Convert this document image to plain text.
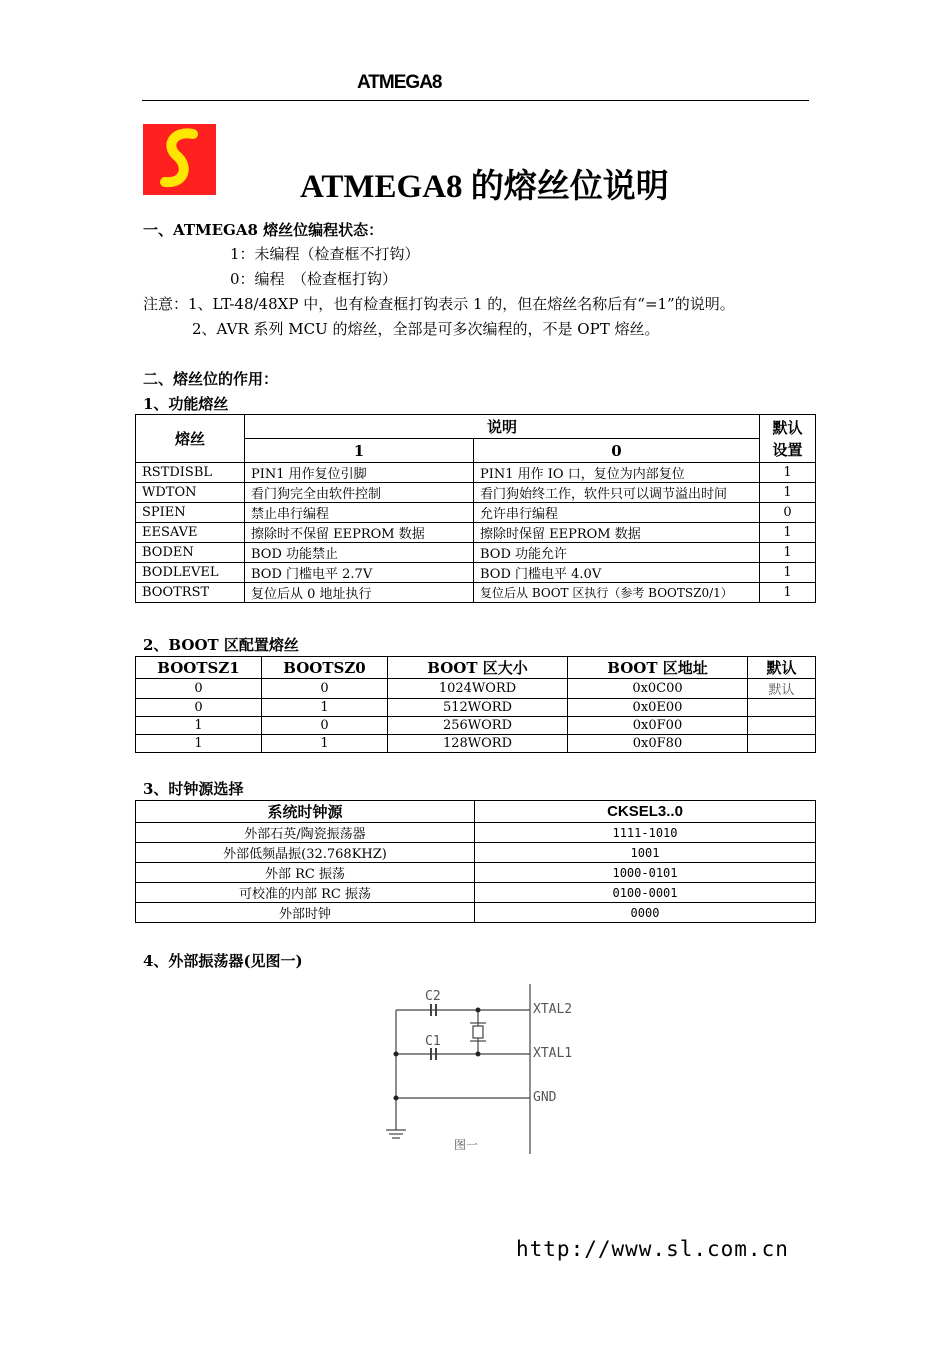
ATMEGA8
ATMEGA8 的熔丝位说明
一、ATMEGA8 熔丝位编程状态：
1：未编程（检查框不打钩）
0：编程　（检查框打钩）
注意：1、LT-48/48XP 中，也有检查框打钩表示 1 的，但在熔丝名称后有“=1”的说明。
2、AVR 系列 MCU 的熔丝，全部是可多次编程的，不是 OPT 熔丝。
二、熔丝位的作用：
1、功能熔丝
熔丝	说明		默认设置
	1	0	
RSTDISBL	PIN1 用作复位引脚	PIN1 用作 IO 口，复位为内部复位	1
WDTON	看门狗完全由软件控制	看门狗始终工作，软件只可以调节溢出时间	1
SPIEN	禁止串行编程	允许串行编程	0
EESAVE	擦除时不保留 EEPROM 数据	擦除时保留 EEPROM 数据	1
BODEN	BOD 功能禁止	BOD 功能允许	1
BODLEVEL	BOD 门槛电平 2.7V	BOD 门槛电平 4.0V	1
BOOTRST	复位后从 0 地址执行	复位后从 BOOT 区执行（参考 BOOTSZ0/1）	1
2、BOOT 区配置熔丝
BOOTSZ1	BOOTSZ0	BOOT 区大小	BOOT 区地址	默认
0	0	1024WORD	0x0C00	默认
0	1	512WORD	0x0E00	
1	0	256WORD	0x0F00	
1	1	128WORD	0x0F80	
3、时钟源选择
系统时钟源	CKSEL3..0
外部石英/陶瓷振荡器	1111-1010
外部低频晶振(32.768KHZ)	1001
外部 RC 振荡	1000-0101
可校准的内部 RC 振荡	0100-0001
外部时钟	0000
4、外部振荡器(见图一)
C2
C1
XTAL2
XTAL1
GND
图一
http://www.sl.com.cn
